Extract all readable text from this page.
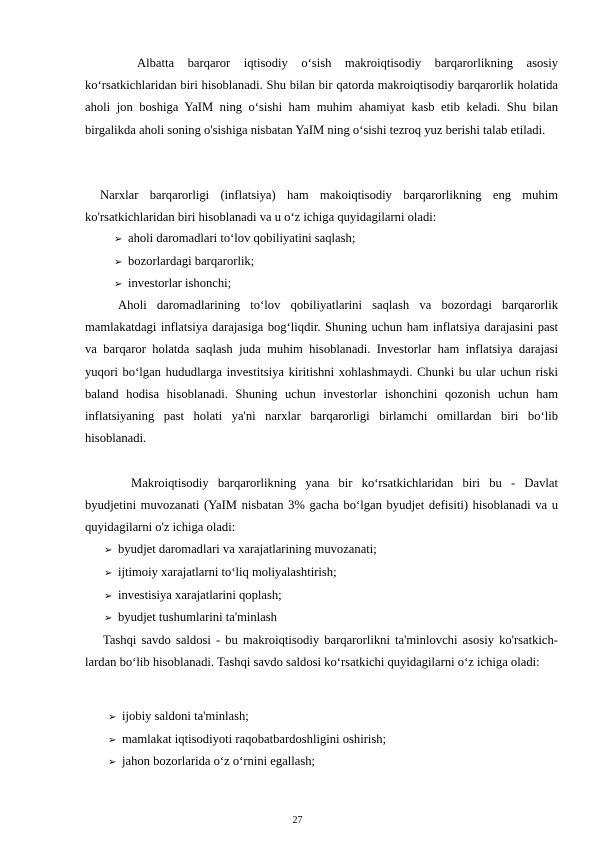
Albatta barqaror iqtisodiy o‘sish makroiqtisodiy barqarorlikning asosiy ko‘rsatkichlaridan biri hisoblanadi. Shu bilan bir qatorda makroiqtisodiy barqarorlik holatida aholi jon boshiga YaIM ning o‘sishi ham muhim ahamiyat kasb etib keladi. Shu bilan birgalikda aholi soning o'sishiga nisbatan YaIM ning o‘sishi tezroq yuz berishi talab etiladi.

Narxlar barqarorligi (inflatsiya) ham makoiqtisodiy barqarorlikning eng muhim ko'rsatkichlaridan biri hisoblanadi va u o‘z ichiga quyidagilarni oladi:

➢ aholi daromadlari to‘lov qobiliyatini saqlash;
➢ bozorlardagi barqarorlik;
➢ investorlar ishonchi;

Aholi daromadlarining to‘lov qobiliyatlarini saqlash va bozordagi barqarorlik mamlakatdagi inflatsiya darajasiga bog‘liqdir. Shuning uchun ham inflatsiya darajasini past va barqaror holatda saqlash juda muhim hisoblanadi. Investorlar ham inflatsiya darajasi yuqori bo‘lgan hududlarga investitsiya kiritishni xohlashmaydi. Chunki bu ular uchun riski baland hodisa hisoblanadi. Shuning uchun investorlar ishonchini qozonish uchun ham inflatsiyaning past holati ya'ni narxlar barqarorligi birlamchi omillardan biri bo‘lib hisoblanadi.

Makroiqtisodiy barqarorlikning yana bir ko‘rsatkichlaridan biri bu - Davlat byudjetini muvozanati (YaIM nisbatan 3% gacha bo‘lgan byudjet defisiti) hisoblanadi va u quyidagilarni o'z ichiga oladi:

➢ byudjet daromadlari va xarajatlarining muvozanati;
➢ ijtimoiy xarajatlarni to‘liq moliyalashtirish;
➢ investisiya xarajatlarini qoplash;
➢ byudjet tushumlarini ta'minlash

Tashqi savdo saldosi - bu makroiqtisodiy barqarorlikni ta'minlovchi asosiy ko'rsatkich- lardan bo‘lib hisoblanadi. Tashqi savdo saldosi ko‘rsatkichi quyidagilarni o‘z ichiga oladi:

➢ ijobiy saldoni ta'minlash;
➢ mamlakat iqtisodiyoti raqobatbardoshligini oshirish;
➢ jahon bozorlarida o‘z o‘rnini egallash;
27
